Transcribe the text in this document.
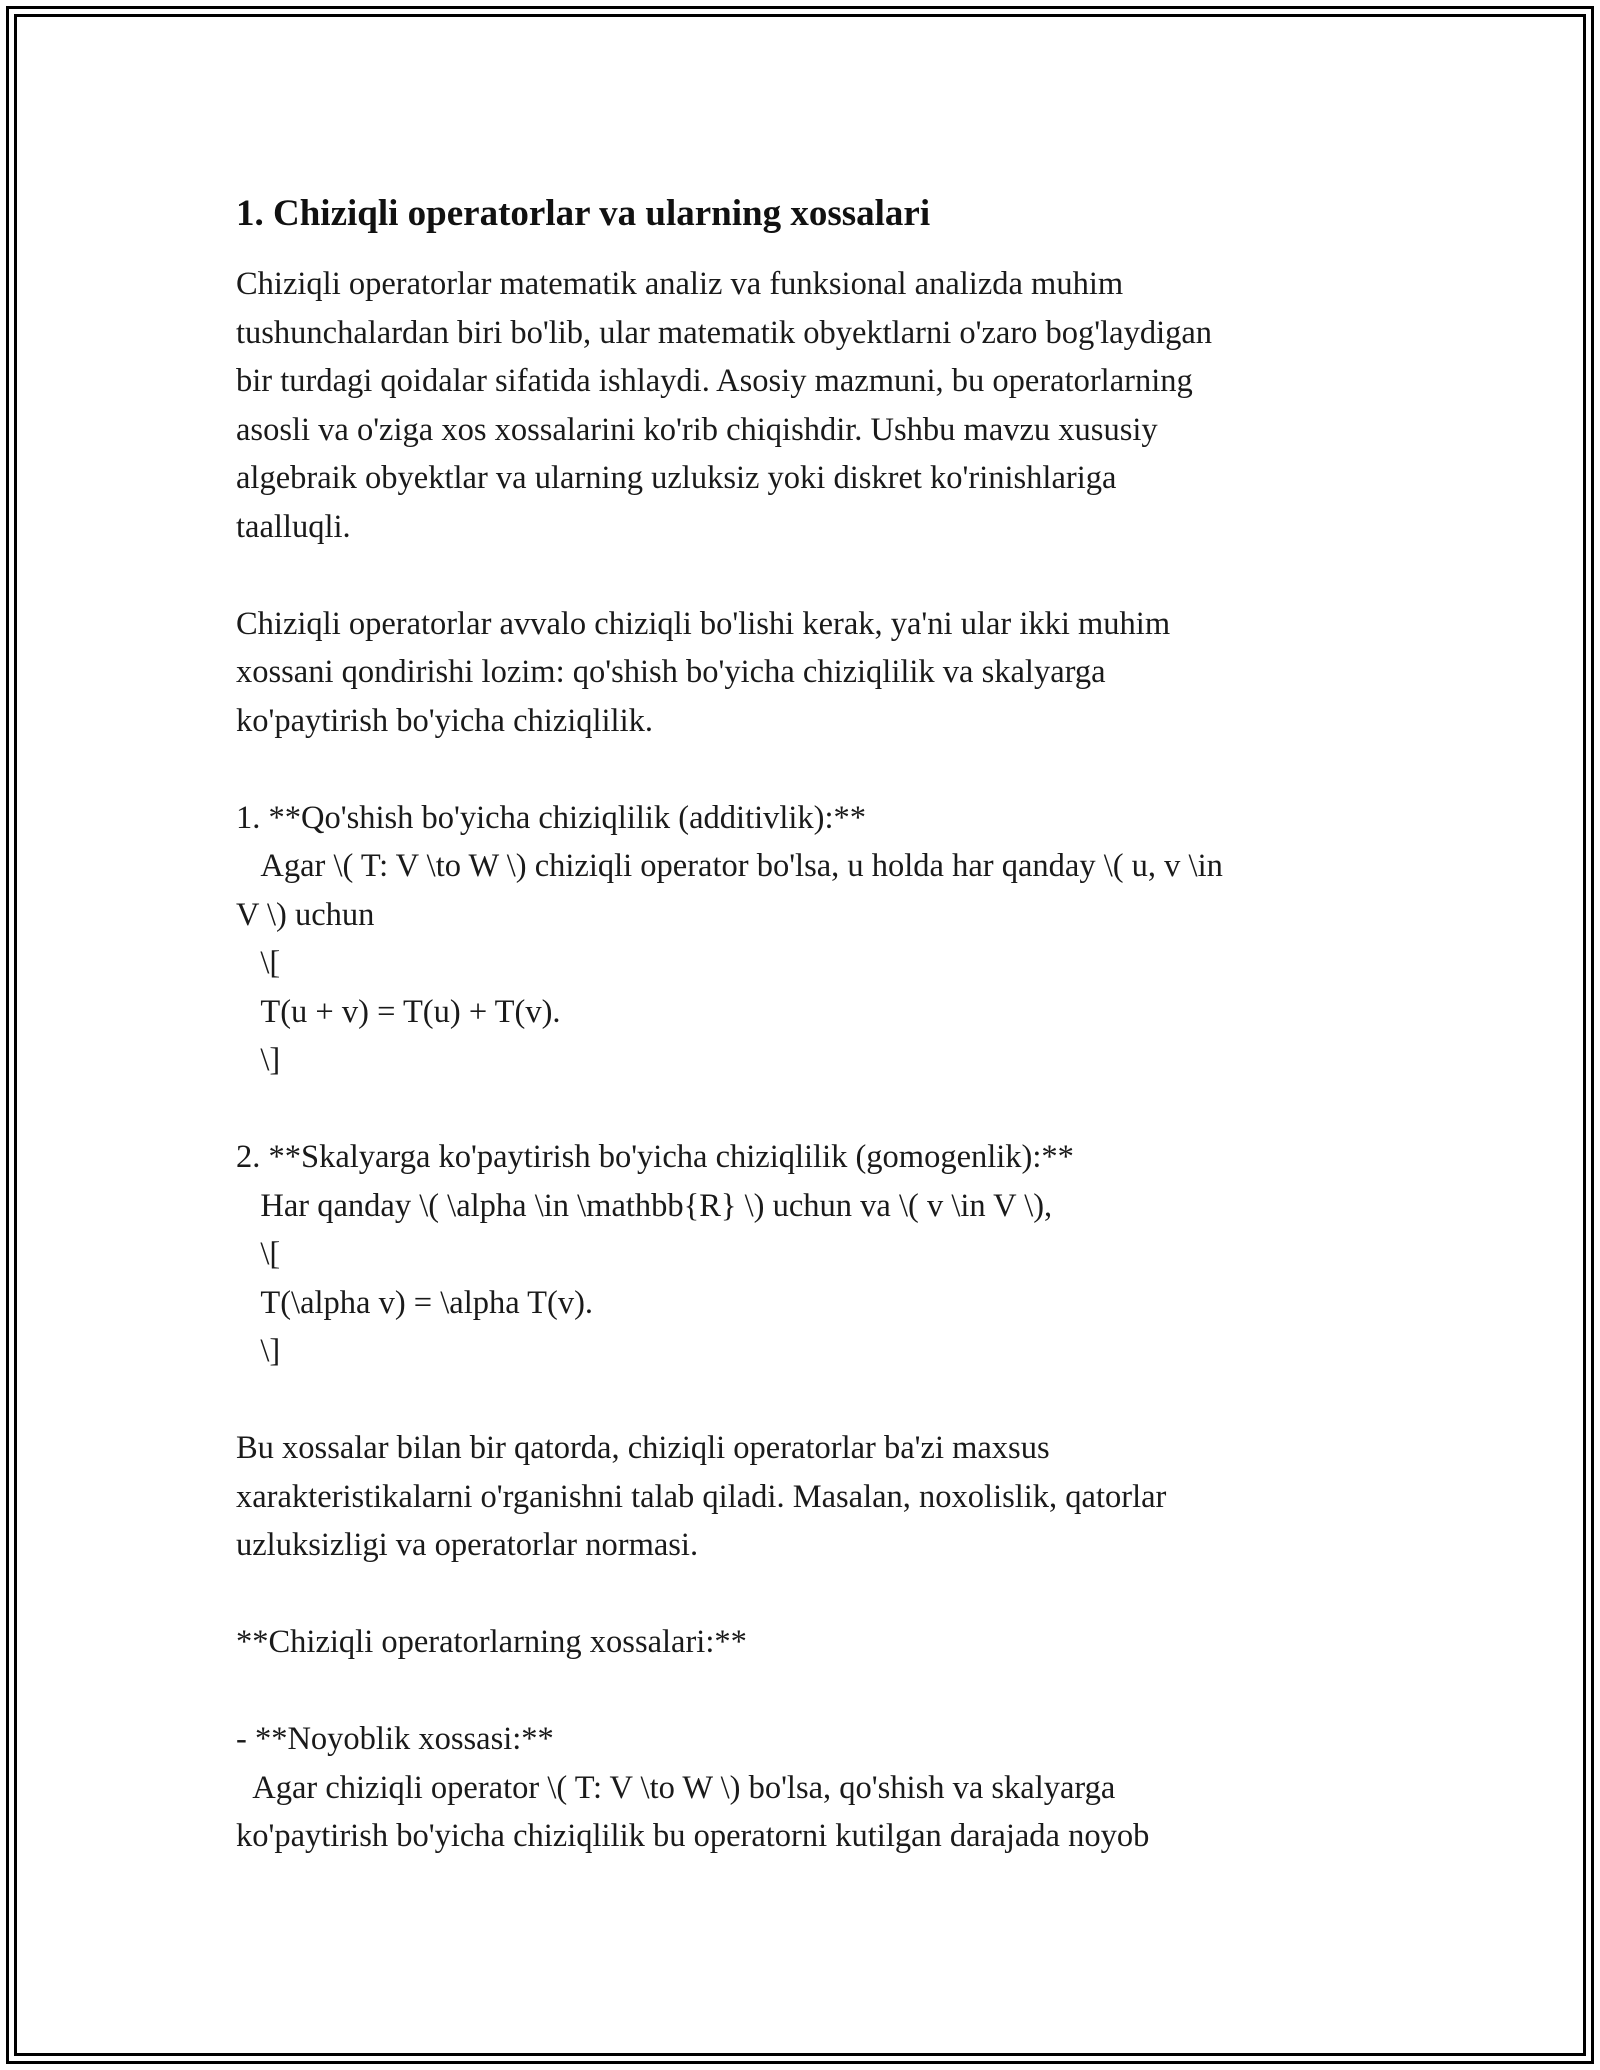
1. Chiziqli operatorlar va ularning xossalari

Chiziqli operatorlar matematik analiz va funksional analizda muhim
tushunchalardan biri bo'lib, ular matematik obyektlarni o'zaro bog'laydigan
bir turdagi qoidalar sifatida ishlaydi. Asosiy mazmuni, bu operatorlarning
asosli va o'ziga xos xossalarini ko'rib chiqishdir. Ushbu mavzu xususiy
algebraik obyektlar va ularning uzluksiz yoki diskret ko'rinishlariga
taalluqli.

Chiziqli operatorlar avvalo chiziqli bo'lishi kerak, ya'ni ular ikki muhim
xossani qondirishi lozim: qo'shish bo'yicha chiziqlilik va skalyarga
ko'paytirish bo'yicha chiziqlilik.

1. **Qo'shish bo'yicha chiziqlilik (additivlik):**
Agar \( T: V \to W \) chiziqli operator bo'lsa, u holda har qanday \( u, v \in
V \) uchun
\[
T(u + v) = T(u) + T(v).
\]

2. **Skalyarga ko'paytirish bo'yicha chiziqlilik (gomogenlik):**
Har qanday \( \alpha \in \mathbb{R} \) uchun va \( v \in V \),
\[
T(\alpha v) = \alpha T(v).
\]

Bu xossalar bilan bir qatorda, chiziqli operatorlar ba'zi maxsus
xarakteristikalarni o'rganishni talab qiladi. Masalan, noxolislik, qatorlar
uzluksizligi va operatorlar normasi.

**Chiziqli operatorlarning xossalari:**

- **Noyoblik xossasi:**
Agar chiziqli operator \( T: V \to W \) bo'lsa, qo'shish va skalyarga
ko'paytirish bo'yicha chiziqlilik bu operatorni kutilgan darajada noyob
